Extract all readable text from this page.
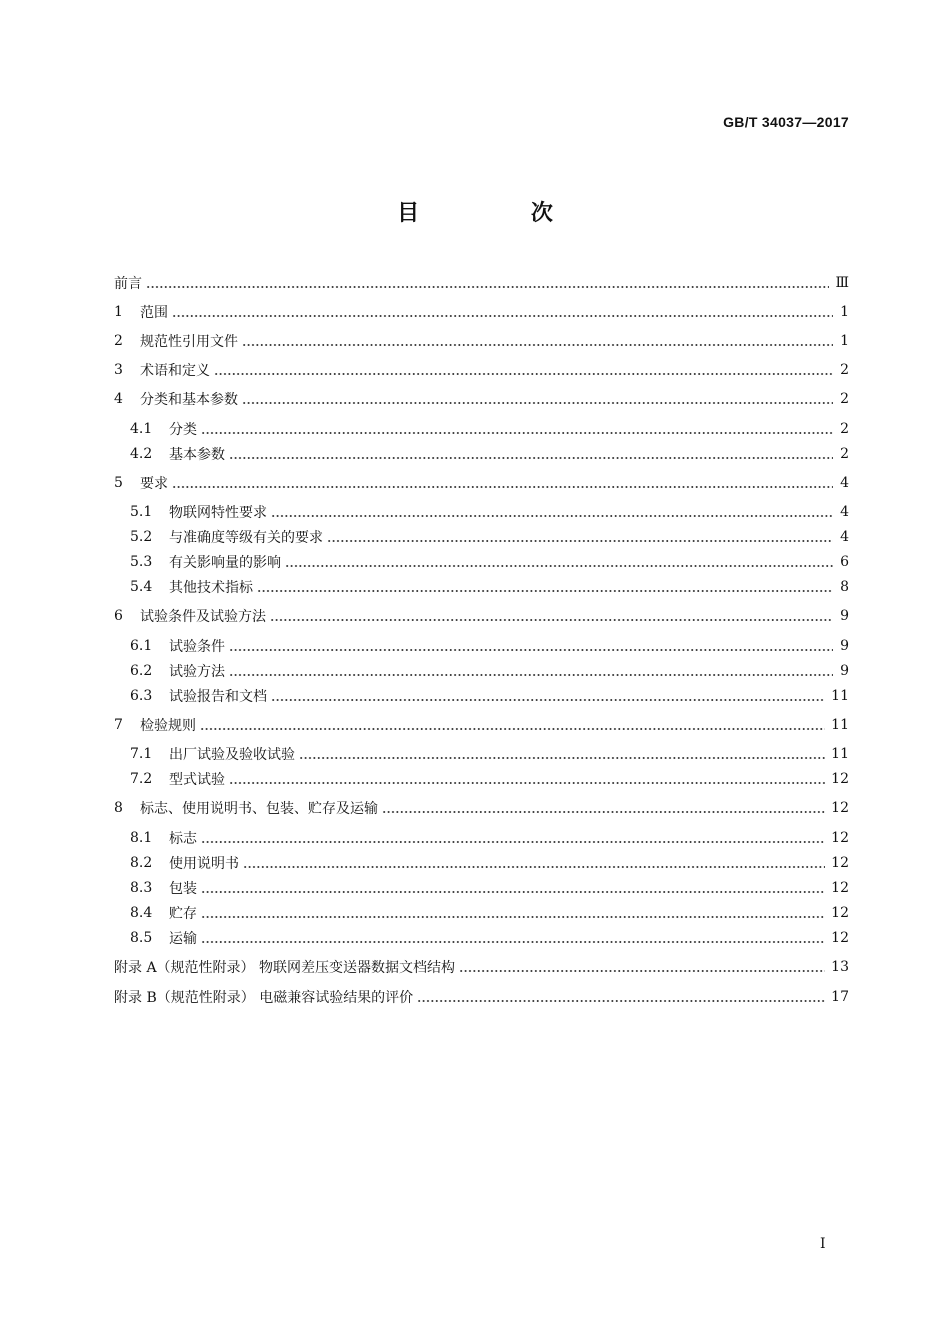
GB/T 34037—2017
目 次
前言	Ⅲ
1	范围	1
2	规范性引用文件	1
3	术语和定义	2
4	分类和基本参数	2
4.1	分类	2
4.2	基本参数	2
5	要求	4
5.1	物联网特性要求	4
5.2	与准确度等级有关的要求	4
5.3	有关影响量的影响	6
5.4	其他技术指标	8
6	试验条件及试验方法	9
6.1	试验条件	9
6.2	试验方法	9
6.3	试验报告和文档	11
7	检验规则	11
7.1	出厂试验及验收试验	11
7.2	型式试验	12
8	标志、使用说明书、包装、贮存及运输	12
8.1	标志	12
8.2	使用说明书	12
8.3	包装	12
8.4	贮存	12
8.5	运输	12
附录 A（规范性附录） 物联网差压变送器数据文档结构	13
附录 B（规范性附录） 电磁兼容试验结果的评价	17
Ⅰ
